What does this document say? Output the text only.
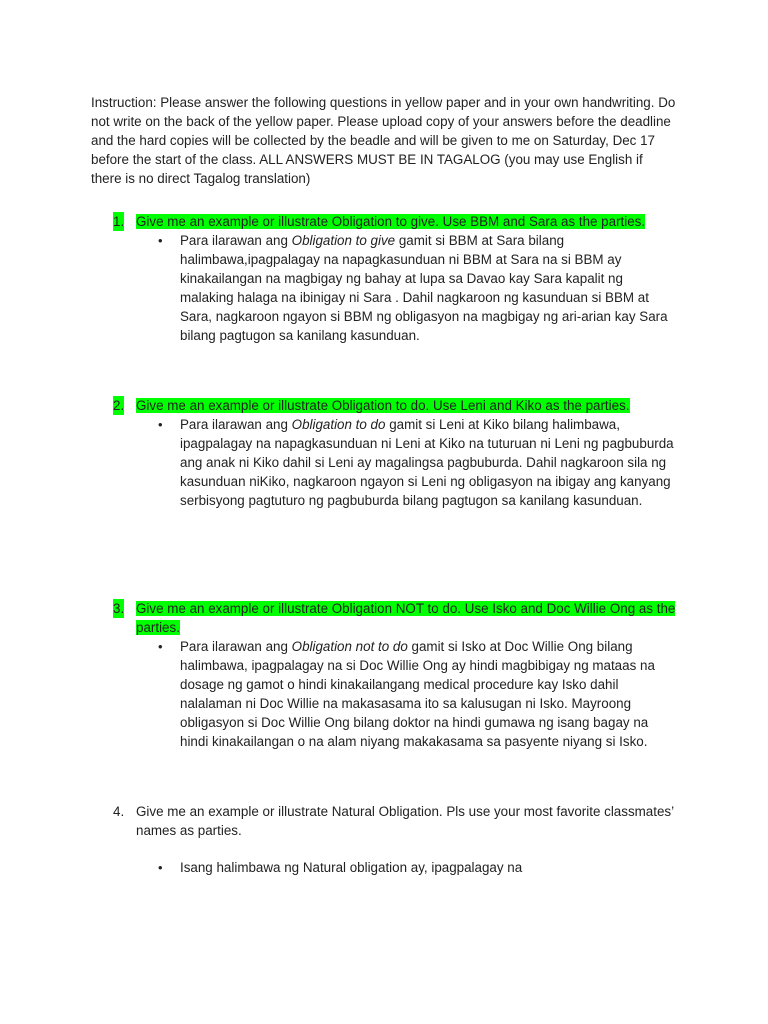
Instruction: Please answer the following questions in yellow paper and in your own handwriting. Do not write on the back of the yellow paper. Please upload copy of your answers before the deadline and the hard copies will be collected by the beadle and will be given to me on Saturday, Dec 17 before the start of the class. ALL ANSWERS MUST BE IN TAGALOG (you may use English if there is no direct Tagalog translation)

1. Give me an example or illustrate Obligation to give. Use BBM and Sara as the parties.
• Para ilarawan ang Obligation to give gamit si BBM at Sara bilang halimbawa,ipagpalagay na napagkasunduan ni BBM at Sara na si BBM ay kinakailangan na magbigay ng bahay at lupa sa Davao kay Sara kapalit ng malaking halaga na ibinigay ni Sara . Dahil nagkaroon ng kasunduan si BBM at Sara, nagkaroon ngayon si BBM ng obligasyon na magbigay ng ari-arian kay Sara bilang pagtugon sa kanilang kasunduan.
2. Give me an example or illustrate Obligation to do. Use Leni and Kiko as the parties.
• Para ilarawan ang Obligation to do gamit si Leni at Kiko bilang halimbawa, ipagpalagay na napagkasunduan ni Leni at Kiko na tuturuan ni Leni ng pagbuburda ang anak ni Kiko dahil si Leni ay magalingsa pagbuburda. Dahil nagkaroon sila ng kasunduan niKiko, nagkaroon ngayon si Leni ng obligasyon na ibigay ang kanyang serbisyong pagtuturo ng pagbuburda bilang pagtugon sa kanilang kasunduan.
3. Give me an example or illustrate Obligation NOT to do. Use Isko and Doc Willie Ong as the parties.
• Para ilarawan ang Obligation not to do gamit si Isko at Doc Willie Ong bilang halimbawa, ipagpalagay na si Doc Willie Ong ay hindi magbibigay ng mataas na dosage ng gamot o hindi kinakailangang medical procedure kay Isko dahil nalalaman ni Doc Willie na makasasama ito sa kalusugan ni Isko. Mayroong obligasyon si Doc Willie Ong bilang doktor na hindi gumawa ng isang bagay na hindi kinakailangan o na alam niyang makakasama sa pasyente niyang si Isko.
4. Give me an example or illustrate Natural Obligation. Pls use your most favorite classmates’ names as parties.
• Isang halimbawa ng Natural obligation ay, ipagpalagay na
